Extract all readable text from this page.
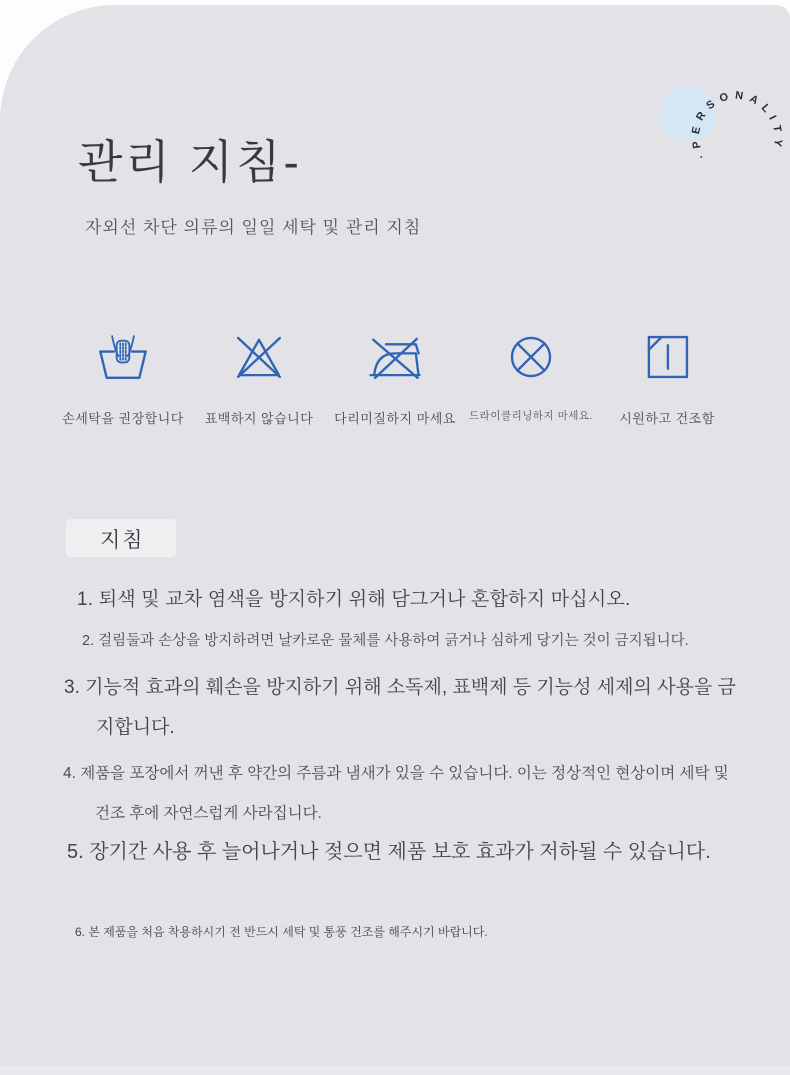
관리 지침-

자외선 차단 의류의 일일 세탁 및 관리 지침

·PERSONALITY
손세탁을 권장합니다	표백하지 않습니다	다리미질하지 마세요	드라이클리닝하지 마세요.	시원하고 건조함
지침

1. 퇴색 및 교차 염색을 방지하기 위해 담그거나 혼합하지 마십시오.

2. 걸림둘과 손상을 방지하려면 날카로운 물체를 사용하여 긁거나 심하게 당기는 것이 금지됩니다.

3. 기능적 효과의 훼손을 방지하기 위해 소독제, 표백제 등 기능성 세제의 사용을 금지합니다.

4. 제품을 포장에서 꺼낸 후 약간의 주름과 냄새가 있을 수 있습니다. 이는 정상적인 현상이며 세탁 및 건조 후에 자연스럽게 사라집니다.

5. 장기간 사용 후 늘어나거나 젖으면 제품 보호 효과가 저하될 수 있습니다.

6. 본 제품을 처음 착용하시기 전 반드시 세탁 및 통풍 건조를 해주시기 바랍니다.
